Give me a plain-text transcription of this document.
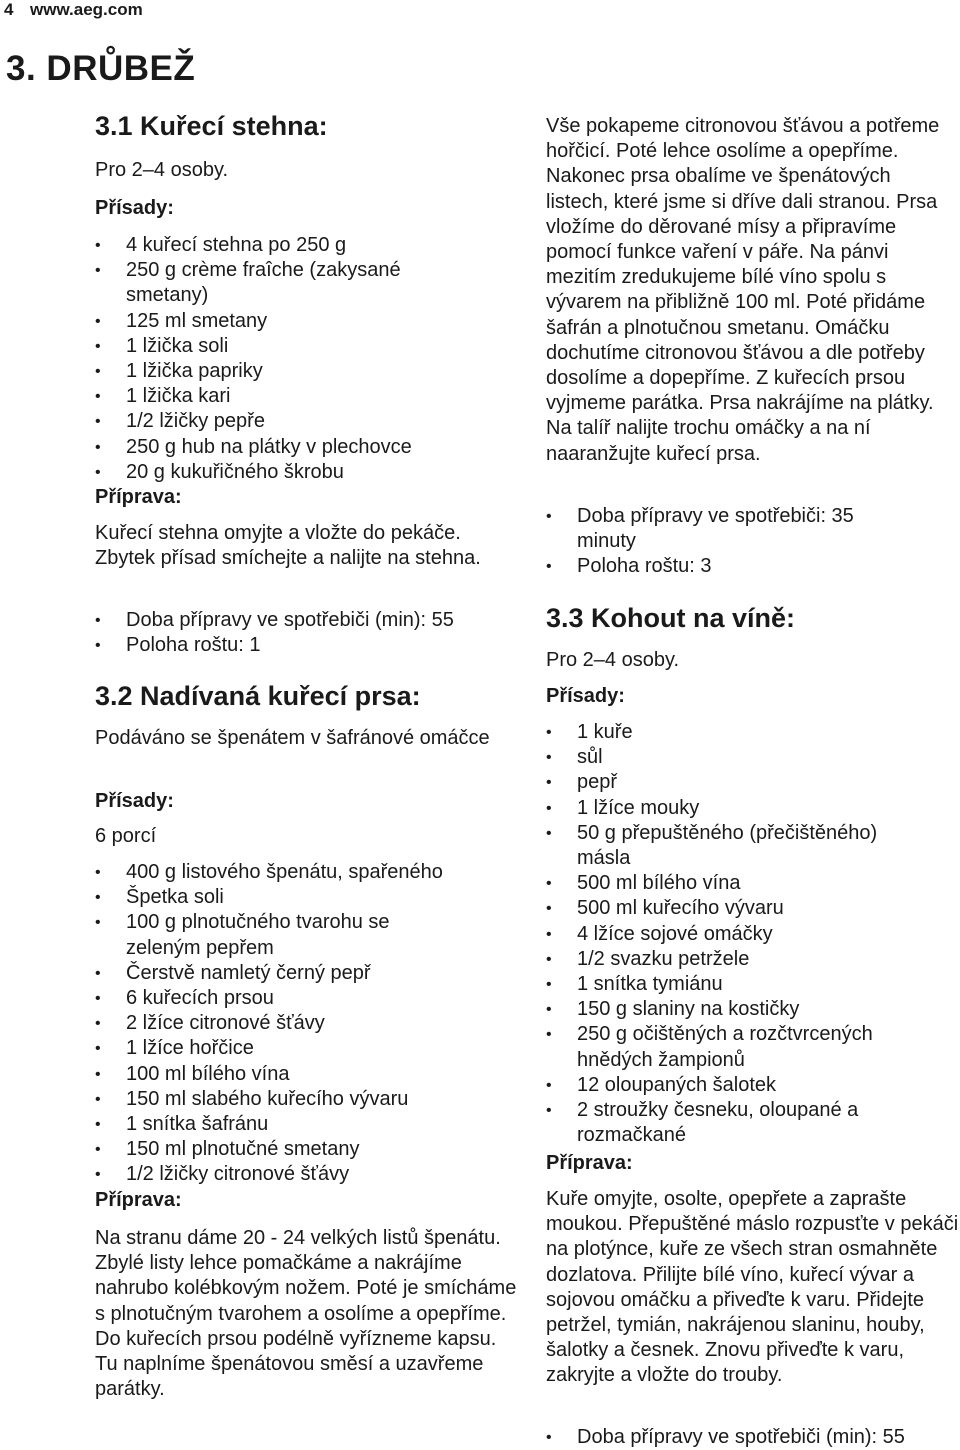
4 www.aeg.com
3. DRŮBEŽ
3.1 Kuřecí stehna:

Pro 2–4 osoby.

Přísady:
• 4 kuřecí stehna po 250 g
• 250 g crème fraîche (zakysané smetany)
• 125 ml smetany
• 1 lžička soli
• 1 lžička papriky
• 1 lžička kari
• 1/2 lžičky pepře
• 250 g hub na plátky v plechovce
• 20 g kukuřičného škrobu
Příprava:

Kuřecí stehna omyjte a vložte do pekáče. Zbytek přísad smíchejte a nalijte na stehna.

• Doba přípravy ve spotřebiči (min): 55
• Poloha roštu: 1
3.2 Nadívaná kuřecí prsa:

Podáváno se špenátem v šafránové omáčce

Přísady:

6 porcí

• 400 g listového špenátu, spařeného
• Špetka soli
• 100 g plnotučného tvarohu se zeleným pepřem
• Čerstvě namletý černý pepř
• 6 kuřecích prsou
• 2 lžíce citronové šťávy
• 1 lžíce hořčice
• 100 ml bílého vína
• 150 ml slabého kuřecího vývaru
• 1 snítka šafránu
• 150 ml plnotučné smetany
• 1/2 lžičky citronové šťávy
Příprava:

Na stranu dáme 20 - 24 velkých listů špenátu. Zbylé listy lehce pomačkáme a nakrájíme nahrubo kolébkovým nožem. Poté je smícháme s plnotučným tvarohem a osolíme a opepříme. Do kuřecích prsou podélně vyřízneme kapsu. Tu naplníme špenátovou směsí a uzavřeme parátky.

Vše pokapeme citronovou šťávou a potřeme hořčicí. Poté lehce osolíme a opepříme. Nakonec prsa obalíme ve špenátových listech, které jsme si dříve dali stranou. Prsa vložíme do děrované mísy a připravíme pomocí funkce vaření v páře. Na pánvi mezitím zredukujeme bílé víno spolu s vývarem na přibližně 100 ml. Poté přidáme šafrán a plnotučnou smetanu. Omáčku dochutíme citronovou šťávou a dle potřeby dosolíme a dopepříme. Z kuřecích prsou vyjmeme parátka. Prsa nakrájíme na plátky. Na talíř nalijte trochu omáčky a na ní naaranžujte kuřecí prsa.

• Doba přípravy ve spotřebiči: 35 minuty
• Poloha roštu: 3
3.3 Kohout na víně:

Pro 2–4 osoby.

Přísady:
• 1 kuře
• sůl
• pepř
• 1 lžíce mouky
• 50 g přepuštěného (přečištěného) másla
• 500 ml bílého vína
• 500 ml kuřecího vývaru
• 4 lžíce sojové omáčky
• 1/2 svazku petržele
• 1 snítka tymiánu
• 150 g slaniny na kostičky
• 250 g očištěných a rozčtvrcených hnědých žampionů
• 12 oloupaných šalotek
• 2 stroužky česneku, oloupané a rozmačkané
Příprava:

Kuře omyjte, osolte, opepřete a zaprašte moukou. Přepuštěné máslo rozpusťte v pekáči na plotýnce, kuře ze všech stran osmahněte dozlatova. Přilijte bílé víno, kuřecí vývar a sojovou omáčku a přiveďte k varu. Přidejte petržel, tymián, nakrájenou slaninu, houby, šalotky a česnek. Znovu přiveďte k varu, zakryjte a vložte do trouby.

• Doba přípravy ve spotřebiči (min): 55
